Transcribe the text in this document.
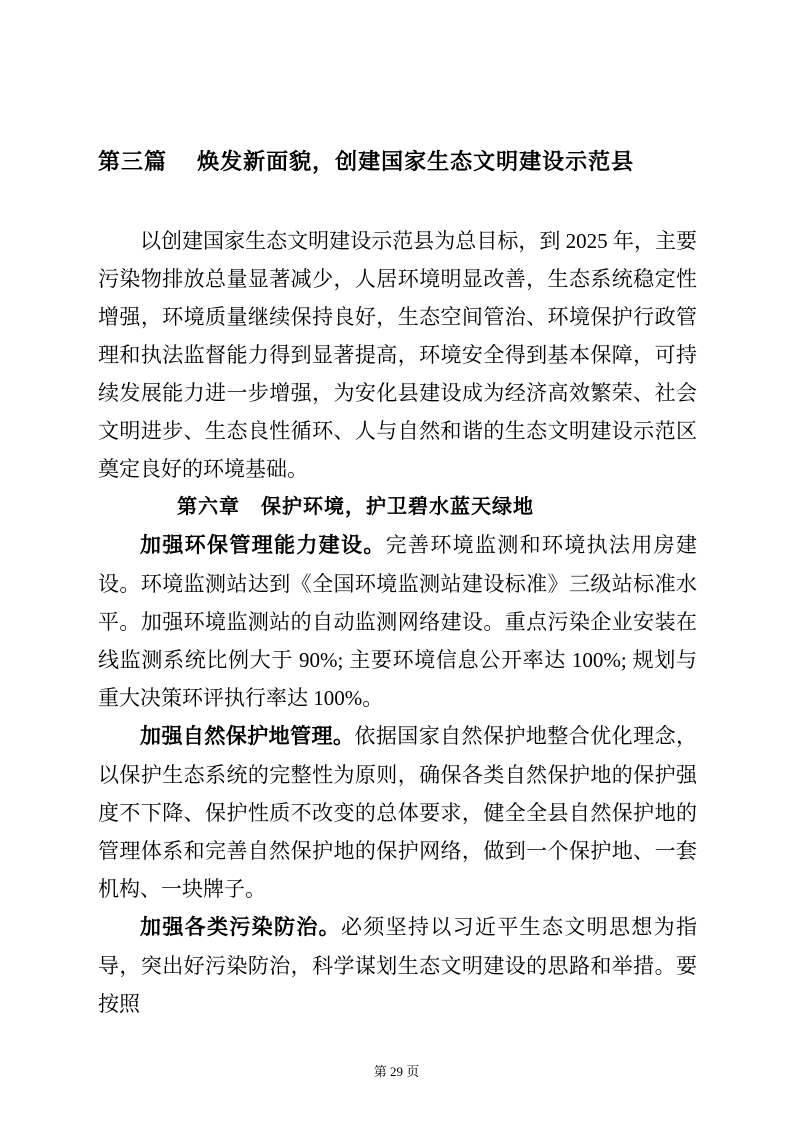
第三篇　 焕发新面貌，创建国家生态文明建设示范县

以创建国家生态文明建设示范县为总目标，到 2025 年，主要污染物排放总量显著减少，人居环境明显改善，生态系统稳定性增强，环境质量继续保持良好，生态空间管治、环境保护行政管理和执法监督能力得到显著提高，环境安全得到基本保障，可持续发展能力进一步增强，为安化县建设成为经济高效繁荣、社会文明进步、生态良性循环、人与自然和谐的生态文明建设示范区奠定良好的环境基础。

第六章　保护环境，护卫碧水蓝天绿地

加强环保管理能力建设。完善环境监测和环境执法用房建设。环境监测站达到《全国环境监测站建设标准》三级站标准水平。加强环境监测站的自动监测网络建设。重点污染企业安装在线监测系统比例大于 90%; 主要环境信息公开率达 100%; 规划与重大决策环评执行率达 100%。

加强自然保护地管理。依据国家自然保护地整合优化理念，以保护生态系统的完整性为原则，确保各类自然保护地的保护强度不下降、保护性质不改变的总体要求，健全全县自然保护地的管理体系和完善自然保护地的保护网络，做到一个保护地、一套机构、一块牌子。

加强各类污染防治。必须坚持以习近平生态文明思想为指导，突出好污染防治，科学谋划生态文明建设的思路和举措。要按照

第 29 页
